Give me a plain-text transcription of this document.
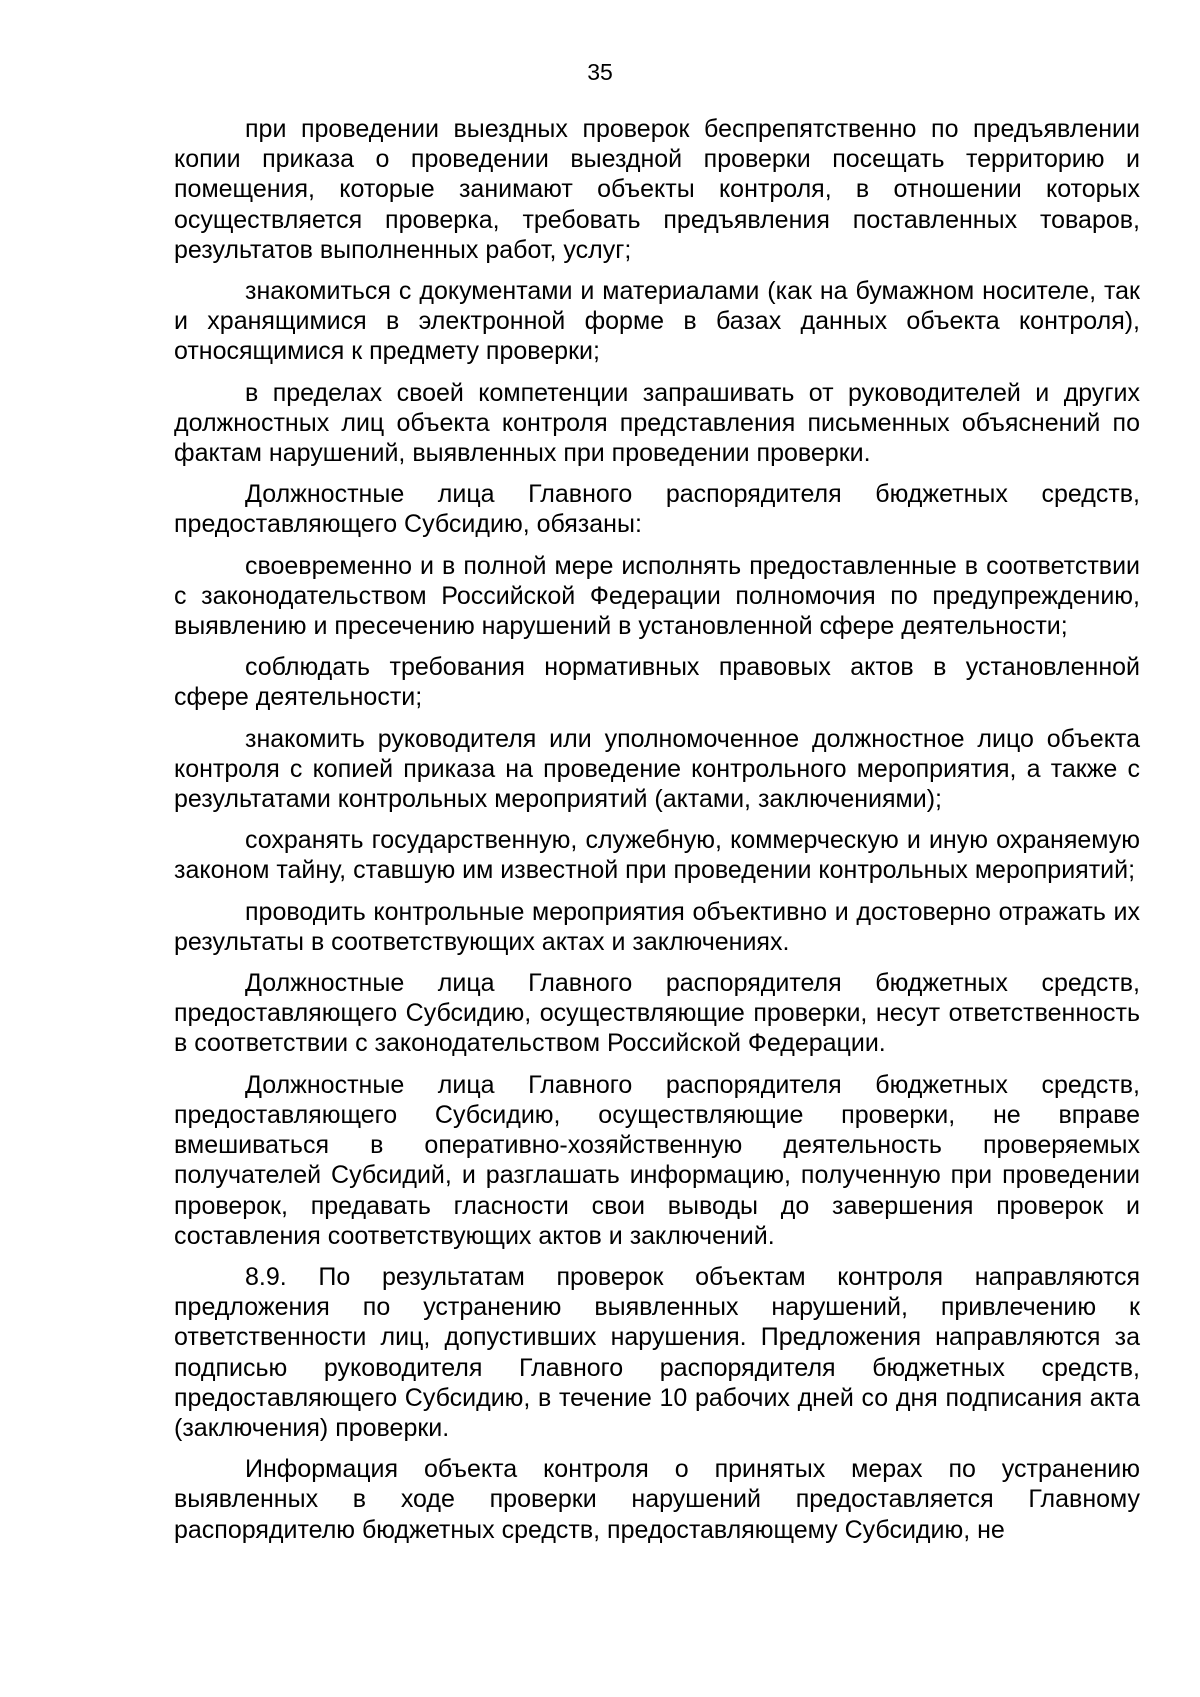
35

при проведении выездных проверок беспрепятственно по предъявлении копии приказа о проведении выездной проверки посещать территорию и помещения, которые занимают объекты контроля, в отношении которых осуществляется проверка, требовать предъявления поставленных товаров, результатов выполненных работ, услуг;

знакомиться с документами и материалами (как на бумажном носителе, так и хранящимися в электронной форме в базах данных объекта контроля), относящимися к предмету проверки;

в пределах своей компетенции запрашивать от руководителей и других должностных лиц объекта контроля представления письменных объяснений по фактам нарушений, выявленных при проведении проверки.

Должностные лица Главного распорядителя бюджетных средств, предоставляющего Субсидию, обязаны:

своевременно и в полной мере исполнять предоставленные в соответствии с законодательством Российской Федерации полномочия по предупреждению, выявлению и пресечению нарушений в установленной сфере деятельности;

соблюдать требования нормативных правовых актов в установленной сфере деятельности;

знакомить руководителя или уполномоченное должностное лицо объекта контроля с копией приказа на проведение контрольного мероприятия, а также с результатами контрольных мероприятий (актами, заключениями);

сохранять государственную, служебную, коммерческую и иную охраняемую законом тайну, ставшую им известной при проведении контрольных мероприятий;

проводить контрольные мероприятия объективно и достоверно отражать их результаты в соответствующих актах и заключениях.

Должностные лица Главного распорядителя бюджетных средств, предоставляющего Субсидию, осуществляющие проверки, несут ответственность в соответствии с законодательством Российской Федерации.

Должностные лица Главного распорядителя бюджетных средств, предоставляющего Субсидию, осуществляющие проверки, не вправе вмешиваться в оперативно-хозяйственную деятельность проверяемых получателей Субсидий, и разглашать информацию, полученную при проведении проверок, предавать гласности свои выводы до завершения проверок и составления соответствующих актов и заключений.

8.9. По результатам проверок объектам контроля направляются предложения по устранению выявленных нарушений, привлечению к ответственности лиц, допустивших нарушения. Предложения направляются за подписью руководителя Главного распорядителя бюджетных средств, предоставляющего Субсидию, в течение 10 рабочих дней со дня подписания акта (заключения) проверки.

Информация объекта контроля о принятых мерах по устранению выявленных в ходе проверки нарушений предоставляется Главному распорядителю бюджетных средств, предоставляющему Субсидию, не
